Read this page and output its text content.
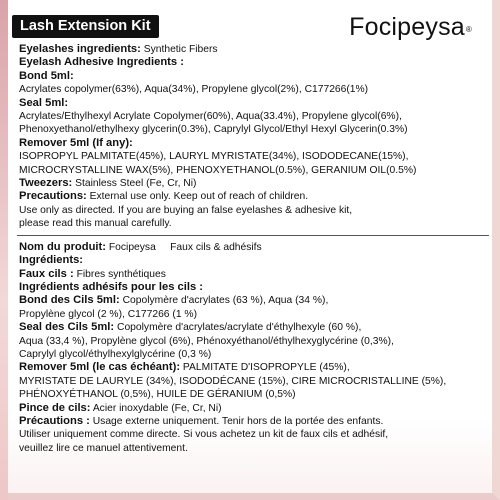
Lash Extension Kit	Focipeysa®
Eyelashes ingredients: Synthetic Fibers
Eyelash Adhesive Ingredients :
Bond 5ml:
Acrylates copolymer(63%), Aqua(34%), Propylene glycol(2%), C177266(1%)
Seal 5ml:
Acrylates/Ethylhexyl Acrylate Copolymer(60%), Aqua(33.4%), Propylene glycol(6%),
Phenoxyethanol/ethylhexy glycerin(0.3%), Caprylyl Glycol/Ethyl Hexyl Glycerin(0.3%)
Remover 5ml (If any):
ISOPROPYL PALMITATE(45%), LAURYL MYRISTATE(34%), ISODODECANE(15%),
MICROCRYSTALLINE WAX(5%), PHENOXYETHANOL(0.5%), GERANIUM OIL(0.5%)
Tweezers: Stainless Steel (Fe, Cr, Ni)
Precautions: External use only. Keep out of reach of children.
Use only as directed. If you are buying an false eyelashes & adhesive kit,
please read this manual carefully.
Nom du produit: Focipeysa Faux cils & adhésifs
Ingrédients:
Faux cils : Fibres synthétiques
Ingrédients adhésifs pour les cils :
Bond des Cils 5ml: Copolymère d'acrylates (63 %), Aqua (34 %),
Propylène glycol (2 %), C177266 (1 %)
Seal des Cils 5ml: Copolymère d'acrylates/acrylate d'éthylhexyle (60 %),
Aqua (33,4 %), Propylène glycol (6%), Phénoxyéthanol/éthylhexyglycérine (0,3%),
Caprylyl glycol/éthylhexylglycérine (0,3 %)
Remover 5ml (le cas échéant): PALMITATE D'ISOPROPYLE (45%),
MYRISTATE DE LAURYLE (34%), ISODODÉCANE (15%), CIRE MICROCRISTALLINE (5%),
PHÉNOXYÉTHANOL (0,5%), HUILE DE GÉRANIUM (0,5%)
Pince de cils: Acier inoxydable (Fe, Cr, Ni)
Précautions : Usage externe uniquement. Tenir hors de la portée des enfants.
Utiliser uniquement comme directe. Si vous achetez un kit de faux cils et adhésif,
veuillez lire ce manuel attentivement.
